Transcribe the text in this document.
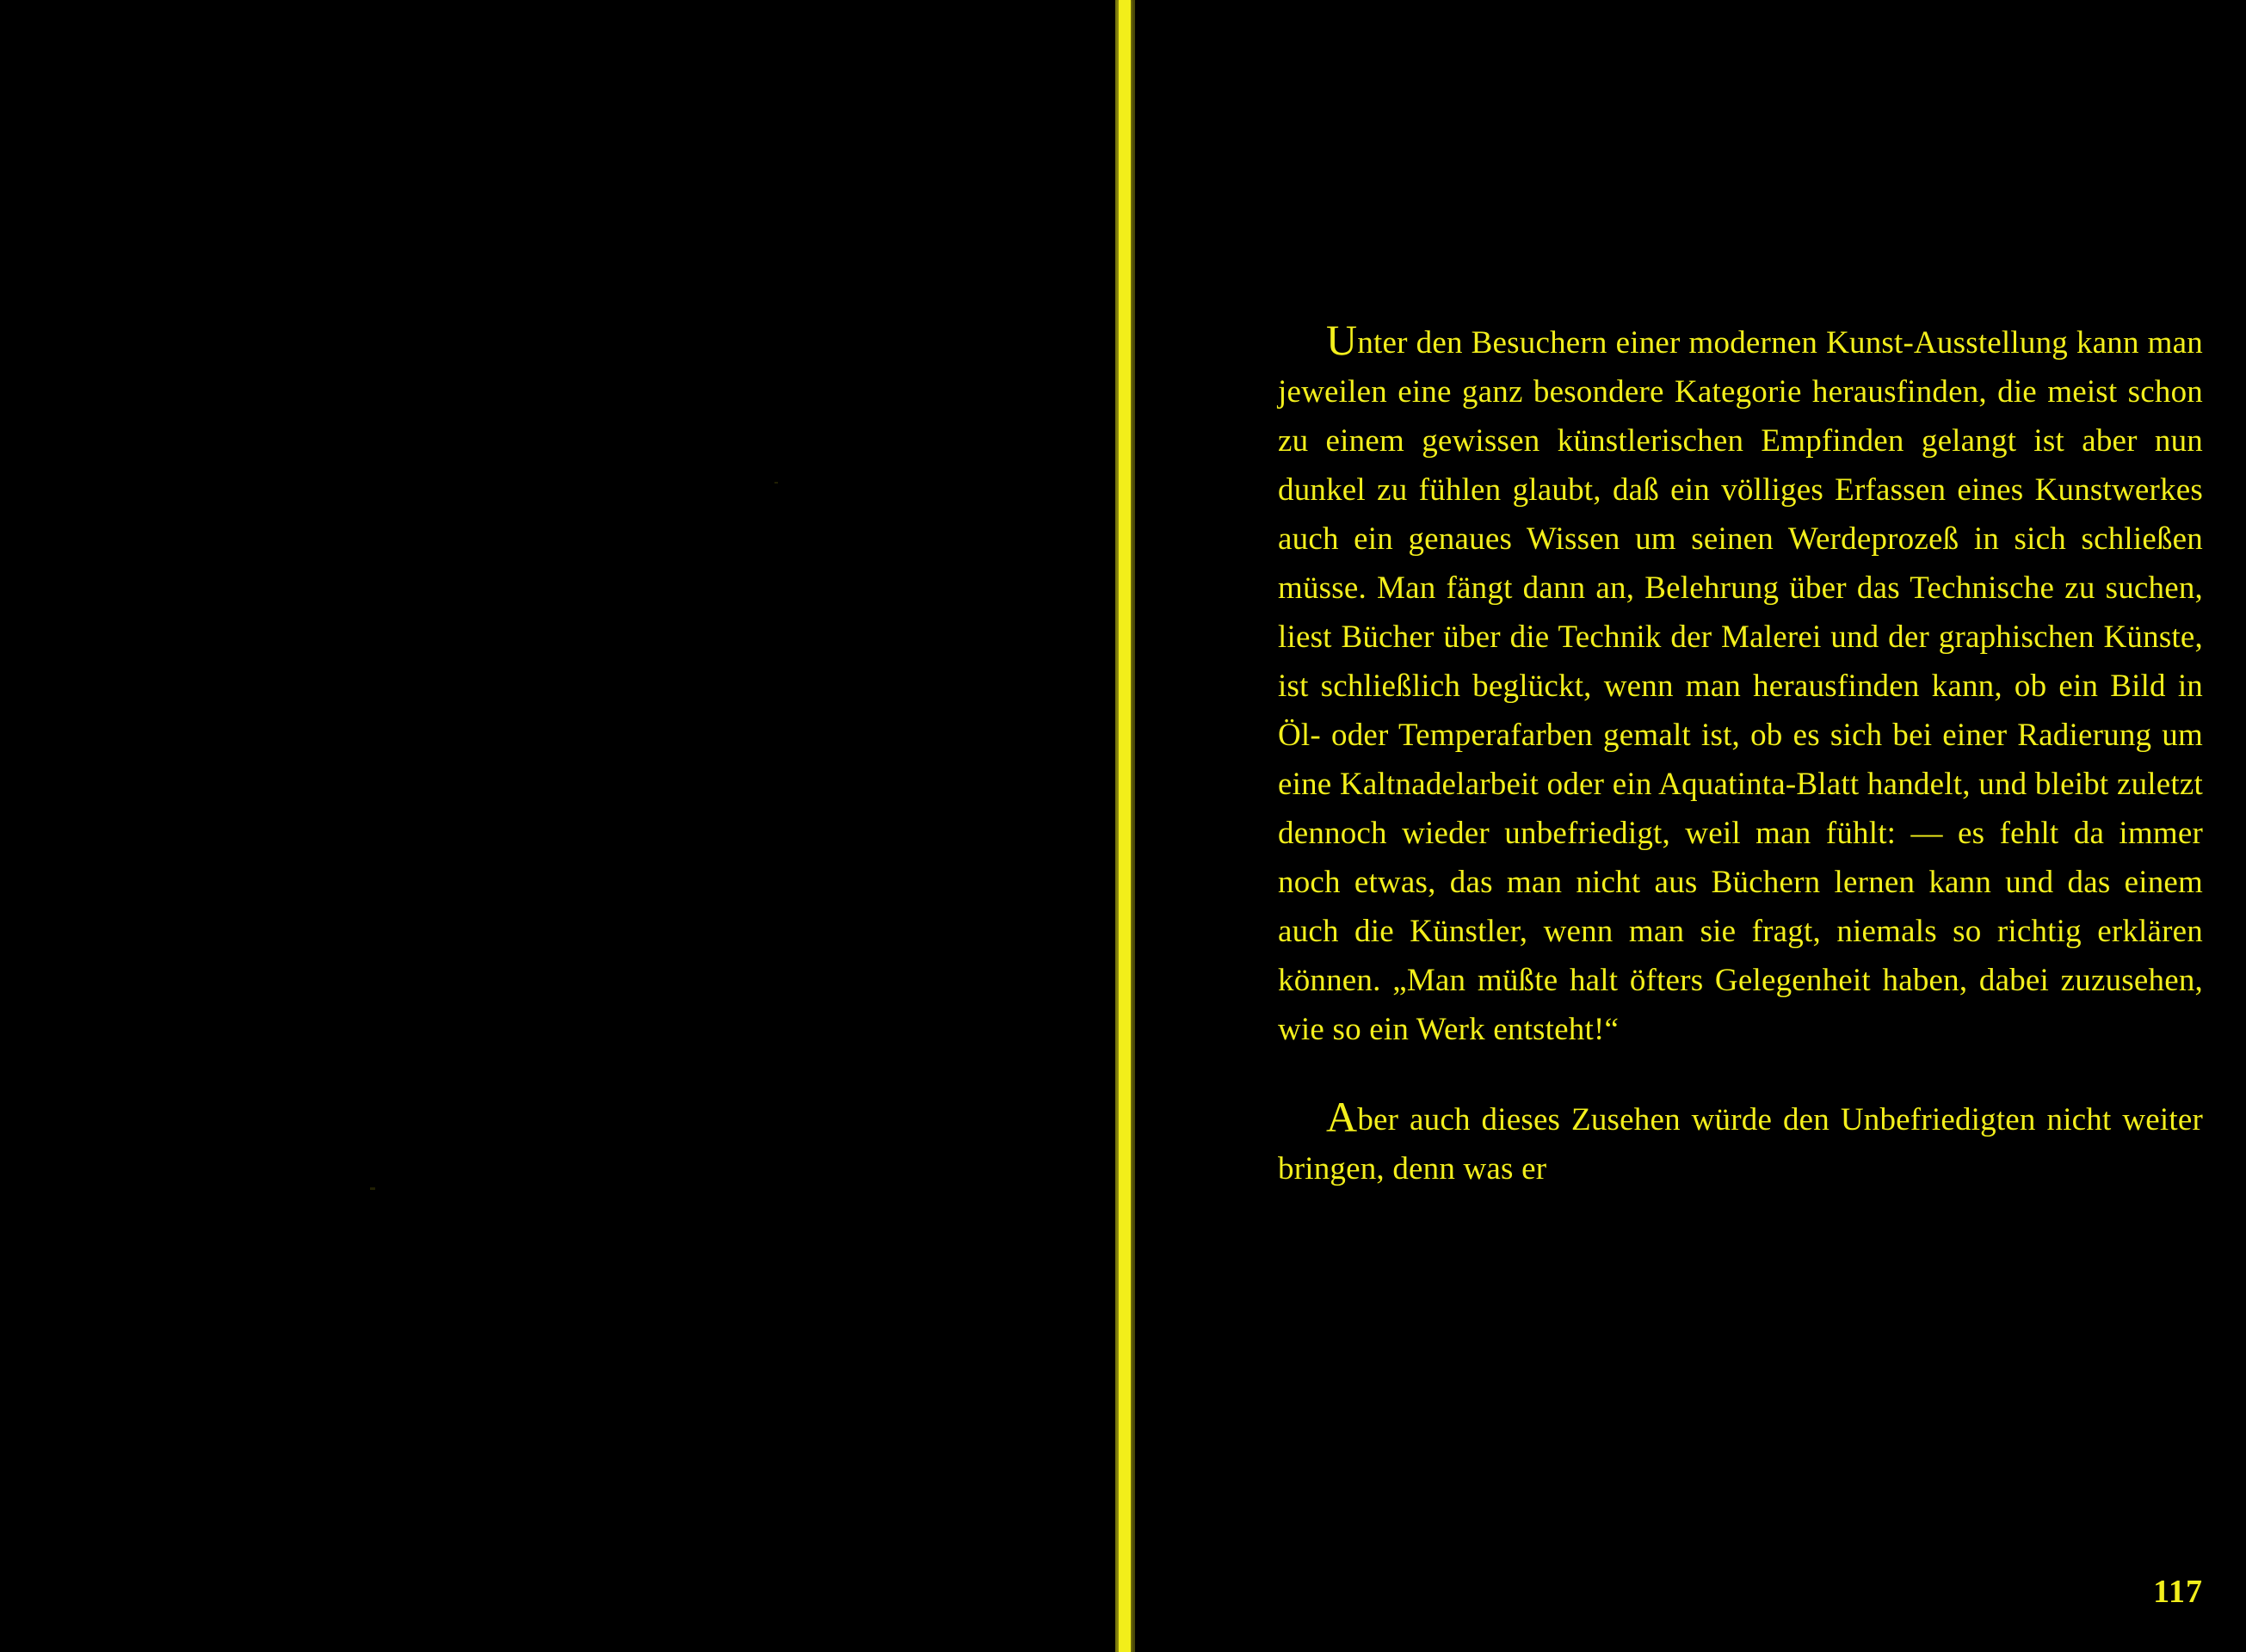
Unter den Besuchern einer modernen Kunst-Ausstellung kann man jeweilen eine ganz besondere Kategorie herausfinden, die meist schon zu einem gewissen künstlerischen Empfinden gelangt ist aber nun dunkel zu fühlen glaubt, daß ein völliges Erfassen eines Kunstwerkes auch ein genaues Wissen um seinen Werdeprozeß in sich schließen müsse. Man fängt dann an, Belehrung über das Technische zu suchen, liest Bücher über die Technik der Malerei und der graphischen Künste, ist schließlich beglückt, wenn man herausfinden kann, ob ein Bild in Öl- oder Temperafarben gemalt ist, ob es sich bei einer Radierung um eine Kaltnadelarbeit oder ein Aquatinta-Blatt handelt, und bleibt zuletzt dennoch wieder unbefriedigt, weil man fühlt: — es fehlt da immer noch etwas, das man nicht aus Büchern lernen kann und das einem auch die Künstler, wenn man sie fragt, niemals so richtig erklären können. „Man müßte halt öfters Gelegenheit haben, dabei zuzusehen, wie so ein Werk entsteht!“

Aber auch dieses Zusehen würde den Unbefriedigten nicht weiter bringen, denn was er

117
